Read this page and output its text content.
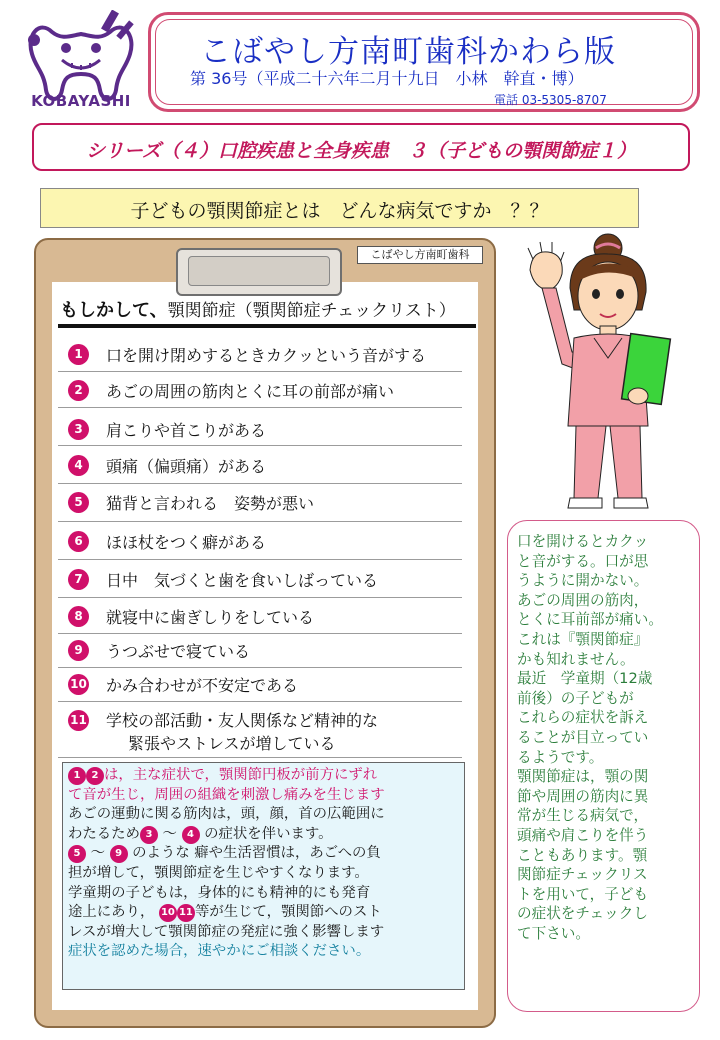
KOBAYASHI
こばやし方南町歯科かわら版
第 36号（平成二十六年二月十九日　小林　幹直・博）
電話 03-5305-8707
シリーズ（４）口腔疾患と全身疾患　３（子どもの顎関節症１）
子どもの顎関節症とは　どんな病気ですか　？？
こばやし方南町歯科
もしかして、顎関節症（顎関節症チェックリスト）
1	口を開け閉めするときカクッという音がする
2	あごの周囲の筋肉とくに耳の前部が痛い
3	肩こりや首こりがある
4	頭痛（偏頭痛）がある
5	猫背と言われる　姿勢が悪い
6	ほほ杖をつく癖がある
7	日中　気づくと歯を食いしばっている
8	就寝中に歯ぎしりをしている
9	うつぶせで寝ている
10 かみ合わせが不安定である
11 学校の部活動・友人関係など精神的な
緊張やストレスが増している
1 2 は，主な症状で，顎関節円板が前方にずれ
て音が生じ，周囲の組織を刺激し痛みを生じます
あごの運動に関る筋肉は，頭，顔，首の広範囲に
わたるため 3 ～ 4 の症状を伴います。
5 ～ 9 のような 癖や生活習慣は，あごへの負
担が増して，顎関節症を生じやすくなります。
学童期の子どもは，身体的にも精神的にも発育
途上にあり， 10 11 等が生じて，顎関節へのスト
レスが増大して顎関節症の発症に強く影響します
症状を認めた場合，速やかにご相談ください。
口を開けるとカクッ
と音がする。口が思
うように開かない。
あごの周囲の筋肉，
とくに耳前部が痛い。
これは『顎関節症』
かも知れません。
最近　学童期（12歳
前後）の子どもが
これらの症状を訴え
ることが目立ってい
るようです。
顎関節症は，顎の関
節や周囲の筋肉に異
常が生じる病気で，
頭痛や肩こりを伴う
こともあります。顎
関節症チェックリス
トを用いて，子ども
の症状をチェックし
て下さい。
